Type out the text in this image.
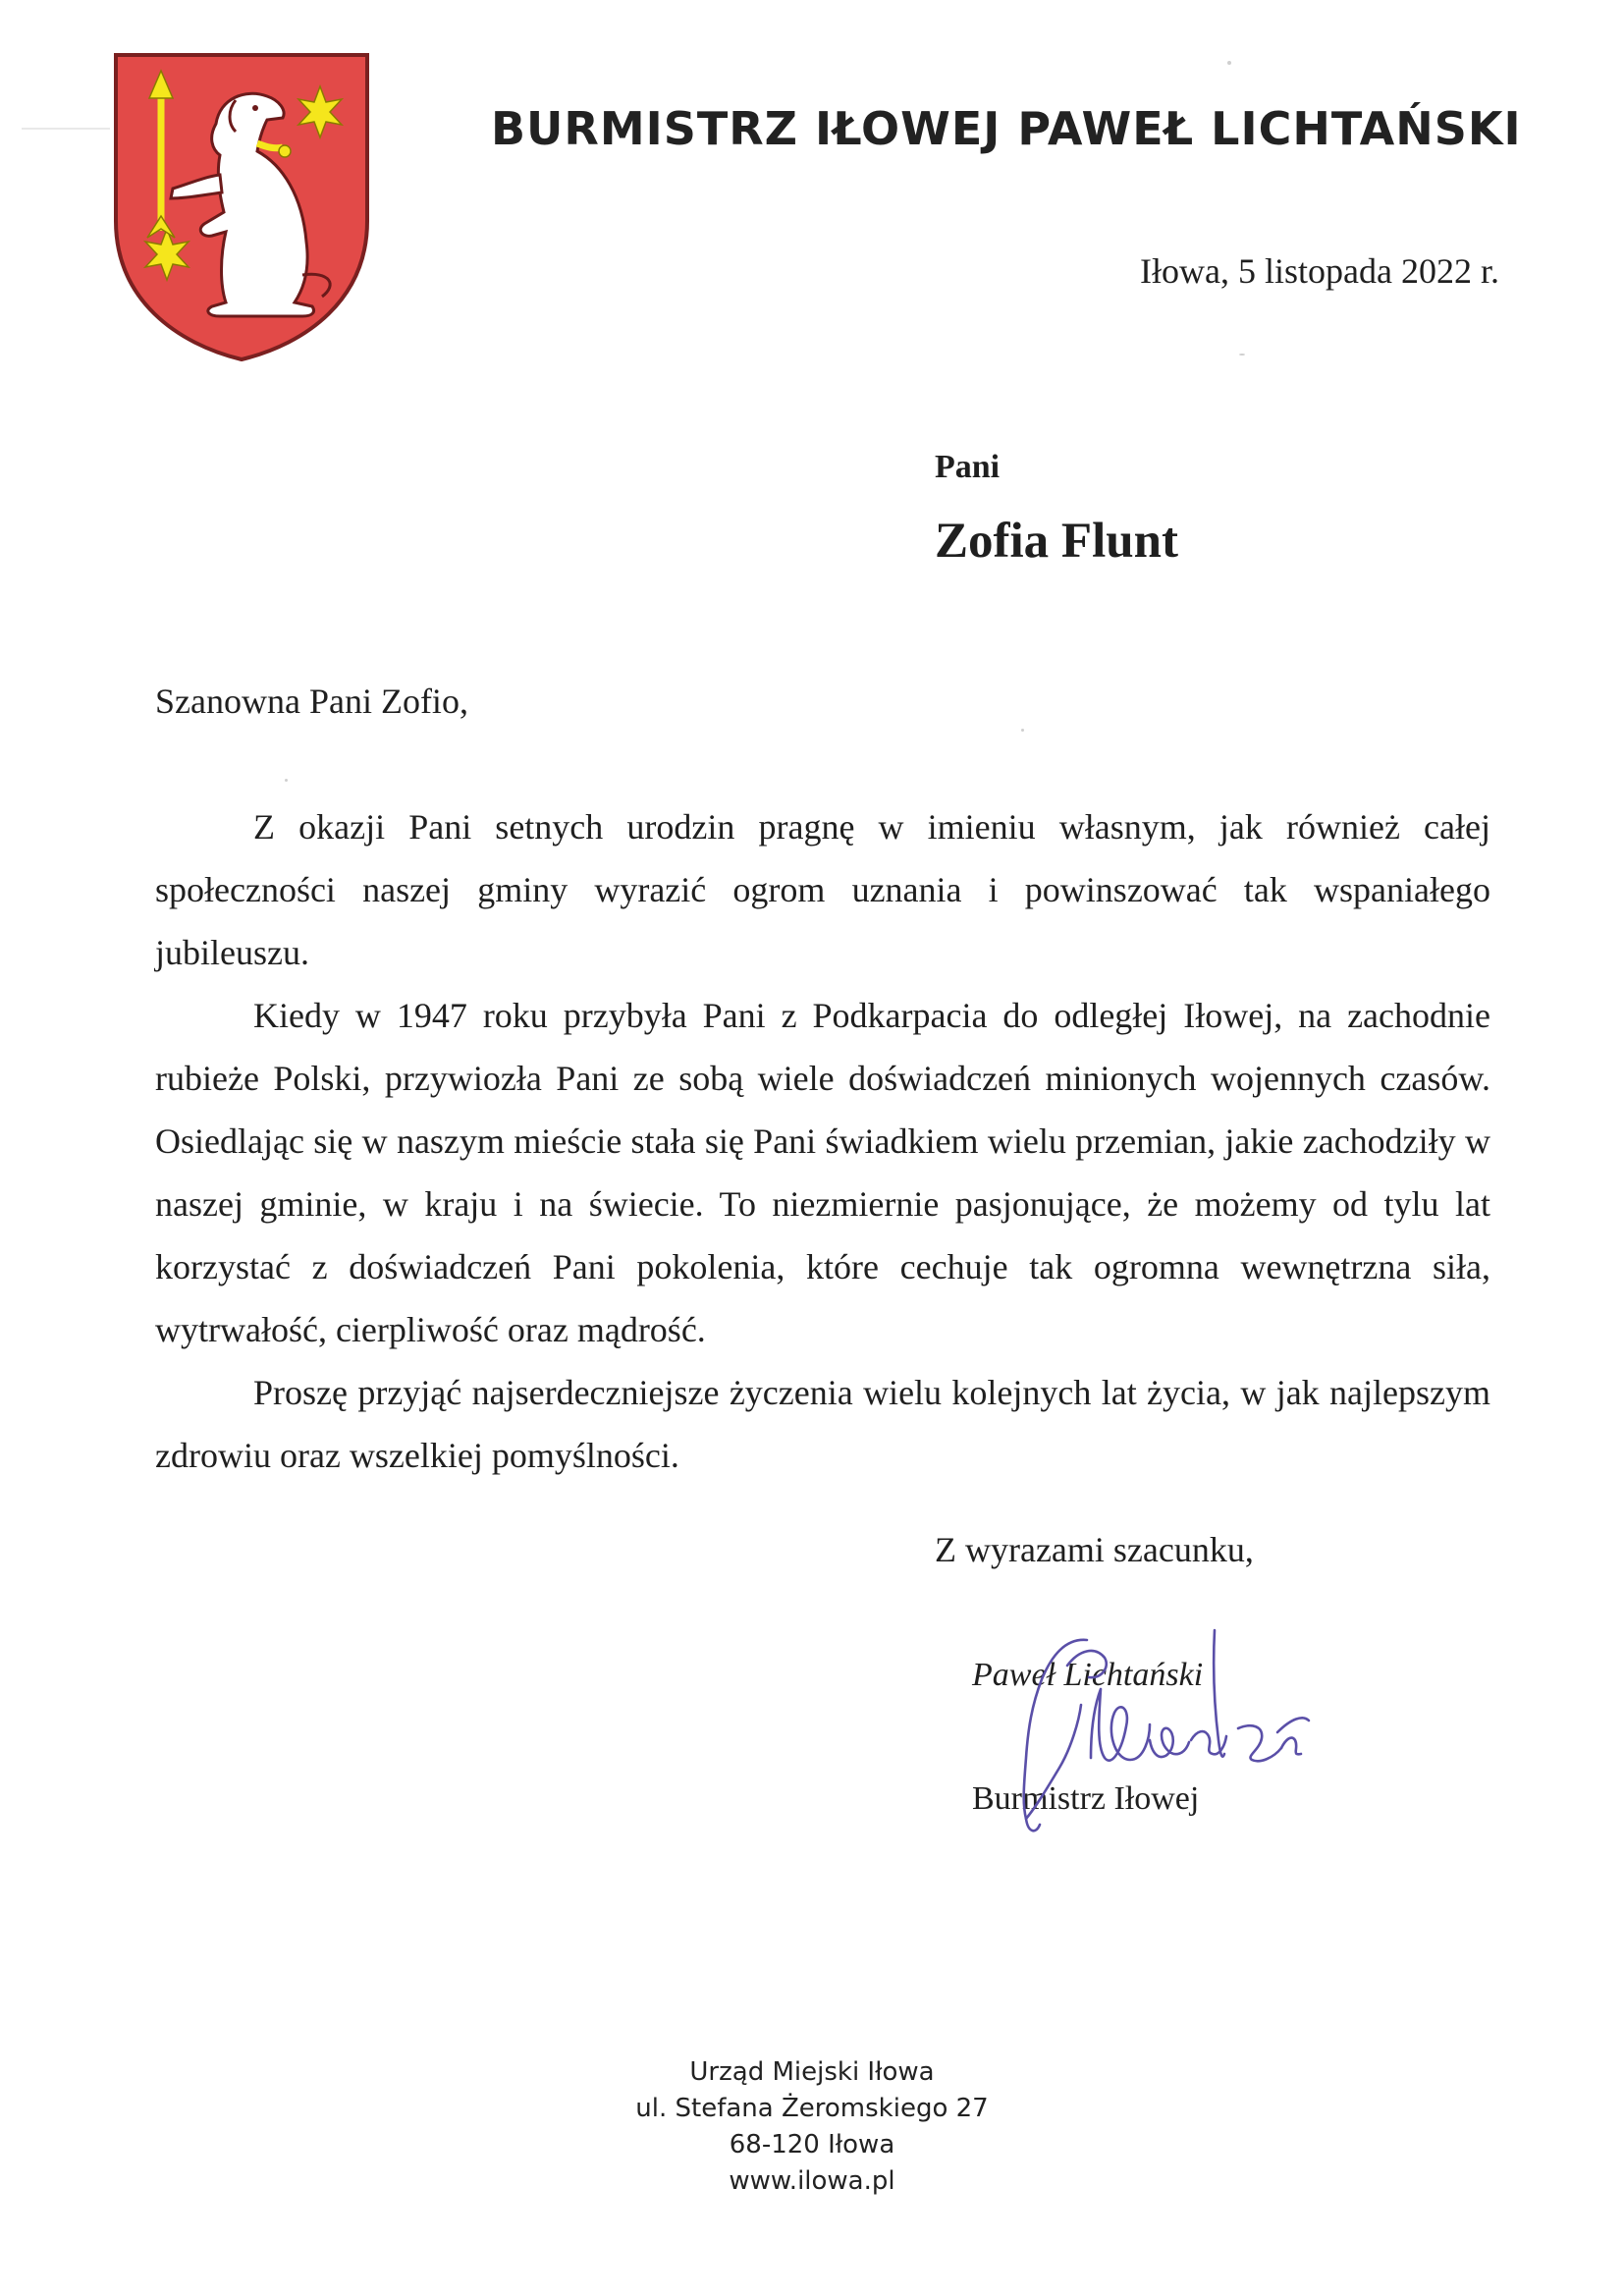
BURMISTRZ IŁOWEJ PAWEŁ LICHTAŃSKI
Iłowa, 5 listopada 2022 r.
Pani
Zofia Flunt
Szanowna Pani Zofio,

Z okazji Pani setnych urodzin pragnę w imieniu własnym, jak również całej społeczności naszej gminy wyrazić ogrom uznania i powinszować tak wspaniałego jubileuszu.

Kiedy w 1947 roku przybyła Pani z Podkarpacia do odległej Iłowej, na zachodnie rubieże Polski, przywiozła Pani ze sobą wiele doświadczeń minionych wojennych czasów. Osiedlając się w naszym mieście stała się Pani świadkiem wielu przemian, jakie zachodziły w naszej gminie, w kraju i na świecie. To niezmiernie pasjonujące, że możemy od tylu lat korzystać z doświadczeń Pani pokolenia, które cechuje tak ogromna wewnętrzna siła, wytrwałość, cierpliwość oraz mądrość.

Proszę przyjąć najserdeczniejsze życzenia wielu kolejnych lat życia, w jak najlepszym zdrowiu oraz wszelkiej pomyślności.

Z wyrazami szacunku,
Paweł Lichtański
Burmistrz Iłowej
Urząd Miejski Iłowa
ul. Stefana Żeromskiego 27
68-120 Iłowa
www.ilowa.pl
